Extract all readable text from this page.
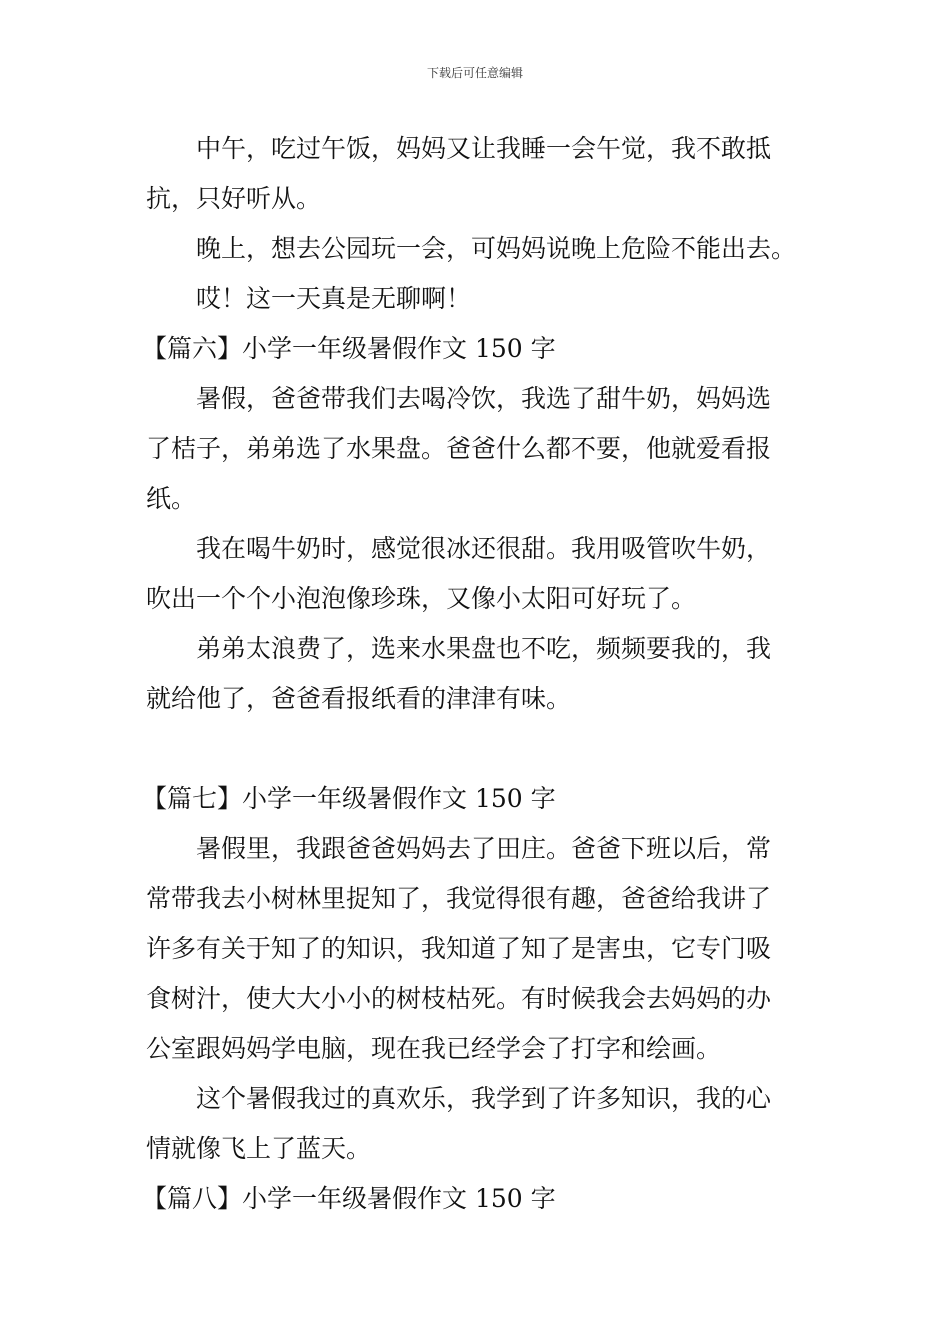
下载后可任意编辑
中午，吃过午饭，妈妈又让我睡一会午觉，我不敢抵
抗，只好听从。
晚上，想去公园玩一会，可妈妈说晚上危险不能出去。
哎！这一天真是无聊啊！
【篇六】小学一年级暑假作文 150 字
暑假，爸爸带我们去喝冷饮，我选了甜牛奶，妈妈选
了桔子，弟弟选了水果盘。爸爸什么都不要，他就爱看报
纸。
我在喝牛奶时，感觉很冰还很甜。我用吸管吹牛奶，
吹出一个个小泡泡像珍珠，又像小太阳可好玩了。
弟弟太浪费了，选来水果盘也不吃，频频要我的，我
就给他了，爸爸看报纸看的津津有味。
【篇七】小学一年级暑假作文 150 字
暑假里，我跟爸爸妈妈去了田庄。爸爸下班以后，常
常带我去小树林里捉知了，我觉得很有趣，爸爸给我讲了
许多有关于知了的知识，我知道了知了是害虫，它专门吸
食树汁，使大大小小的树枝枯死。有时候我会去妈妈的办
公室跟妈妈学电脑，现在我已经学会了打字和绘画。
这个暑假我过的真欢乐，我学到了许多知识，我的心
情就像飞上了蓝天。
【篇八】小学一年级暑假作文 150 字
